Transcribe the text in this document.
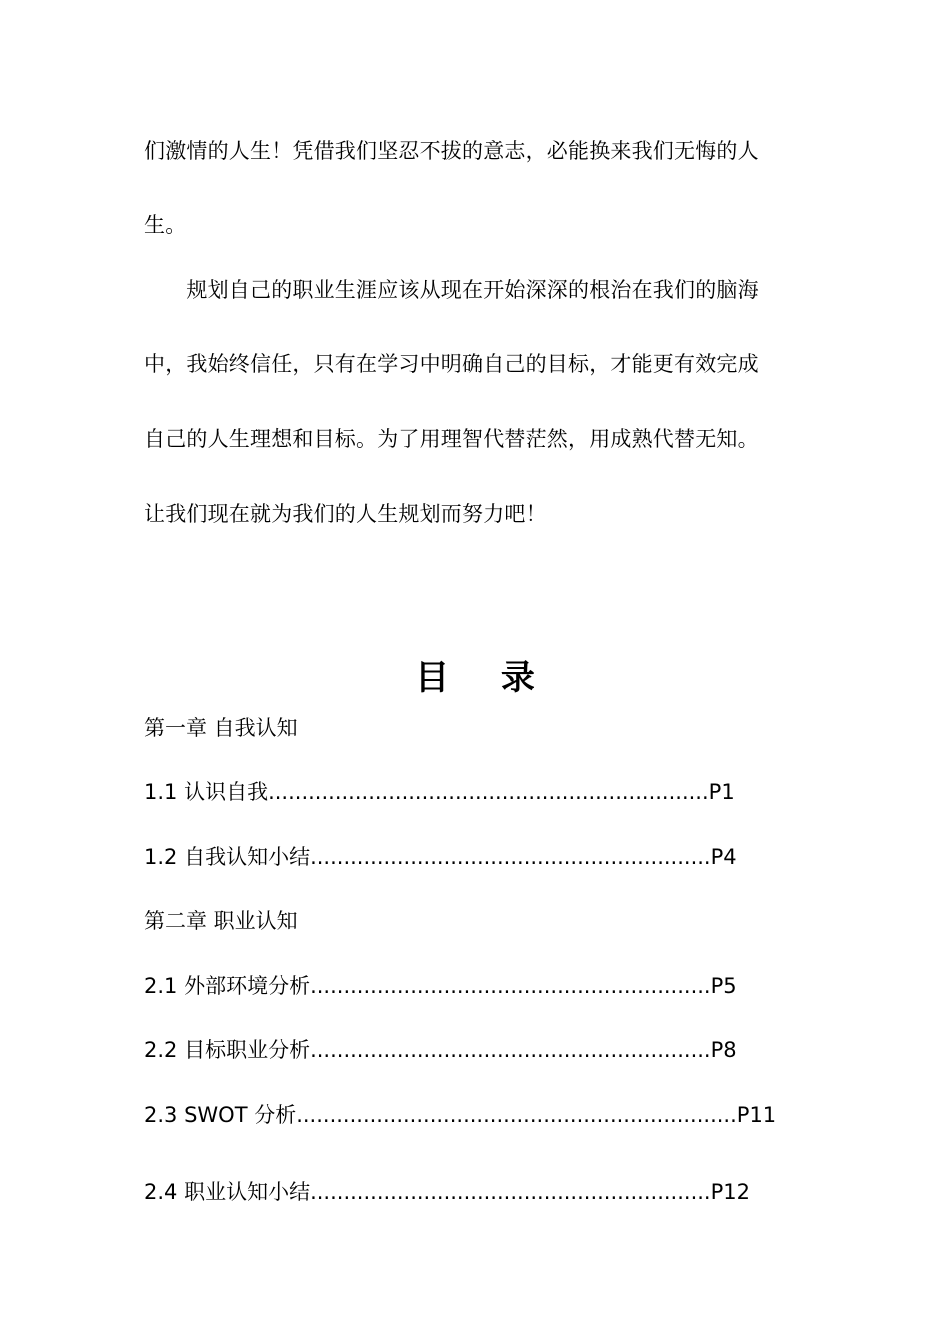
们激情的人生！凭借我们坚忍不拔的意志，必能换来我们无悔的人
生。
　　规划自己的职业生涯应该从现在开始深深的根治在我们的脑海
中，我始终信任，只有在学习中明确自己的目标，才能更有效完成
自己的人生理想和目标。为了用理智代替茫然，用成熟代替无知。
让我们现在就为我们的人生规划而努力吧！
目 录
第一章 自我认知
1.1 认识自我..................................................................P1
1.2 自我认知小结............................................................P4
第二章 职业认知
2.1 外部环境分析............................................................P5
2.2 目标职业分析............................................................P8
2.3 SWOT 分析..................................................................P11
2.4 职业认知小结............................................................P12
